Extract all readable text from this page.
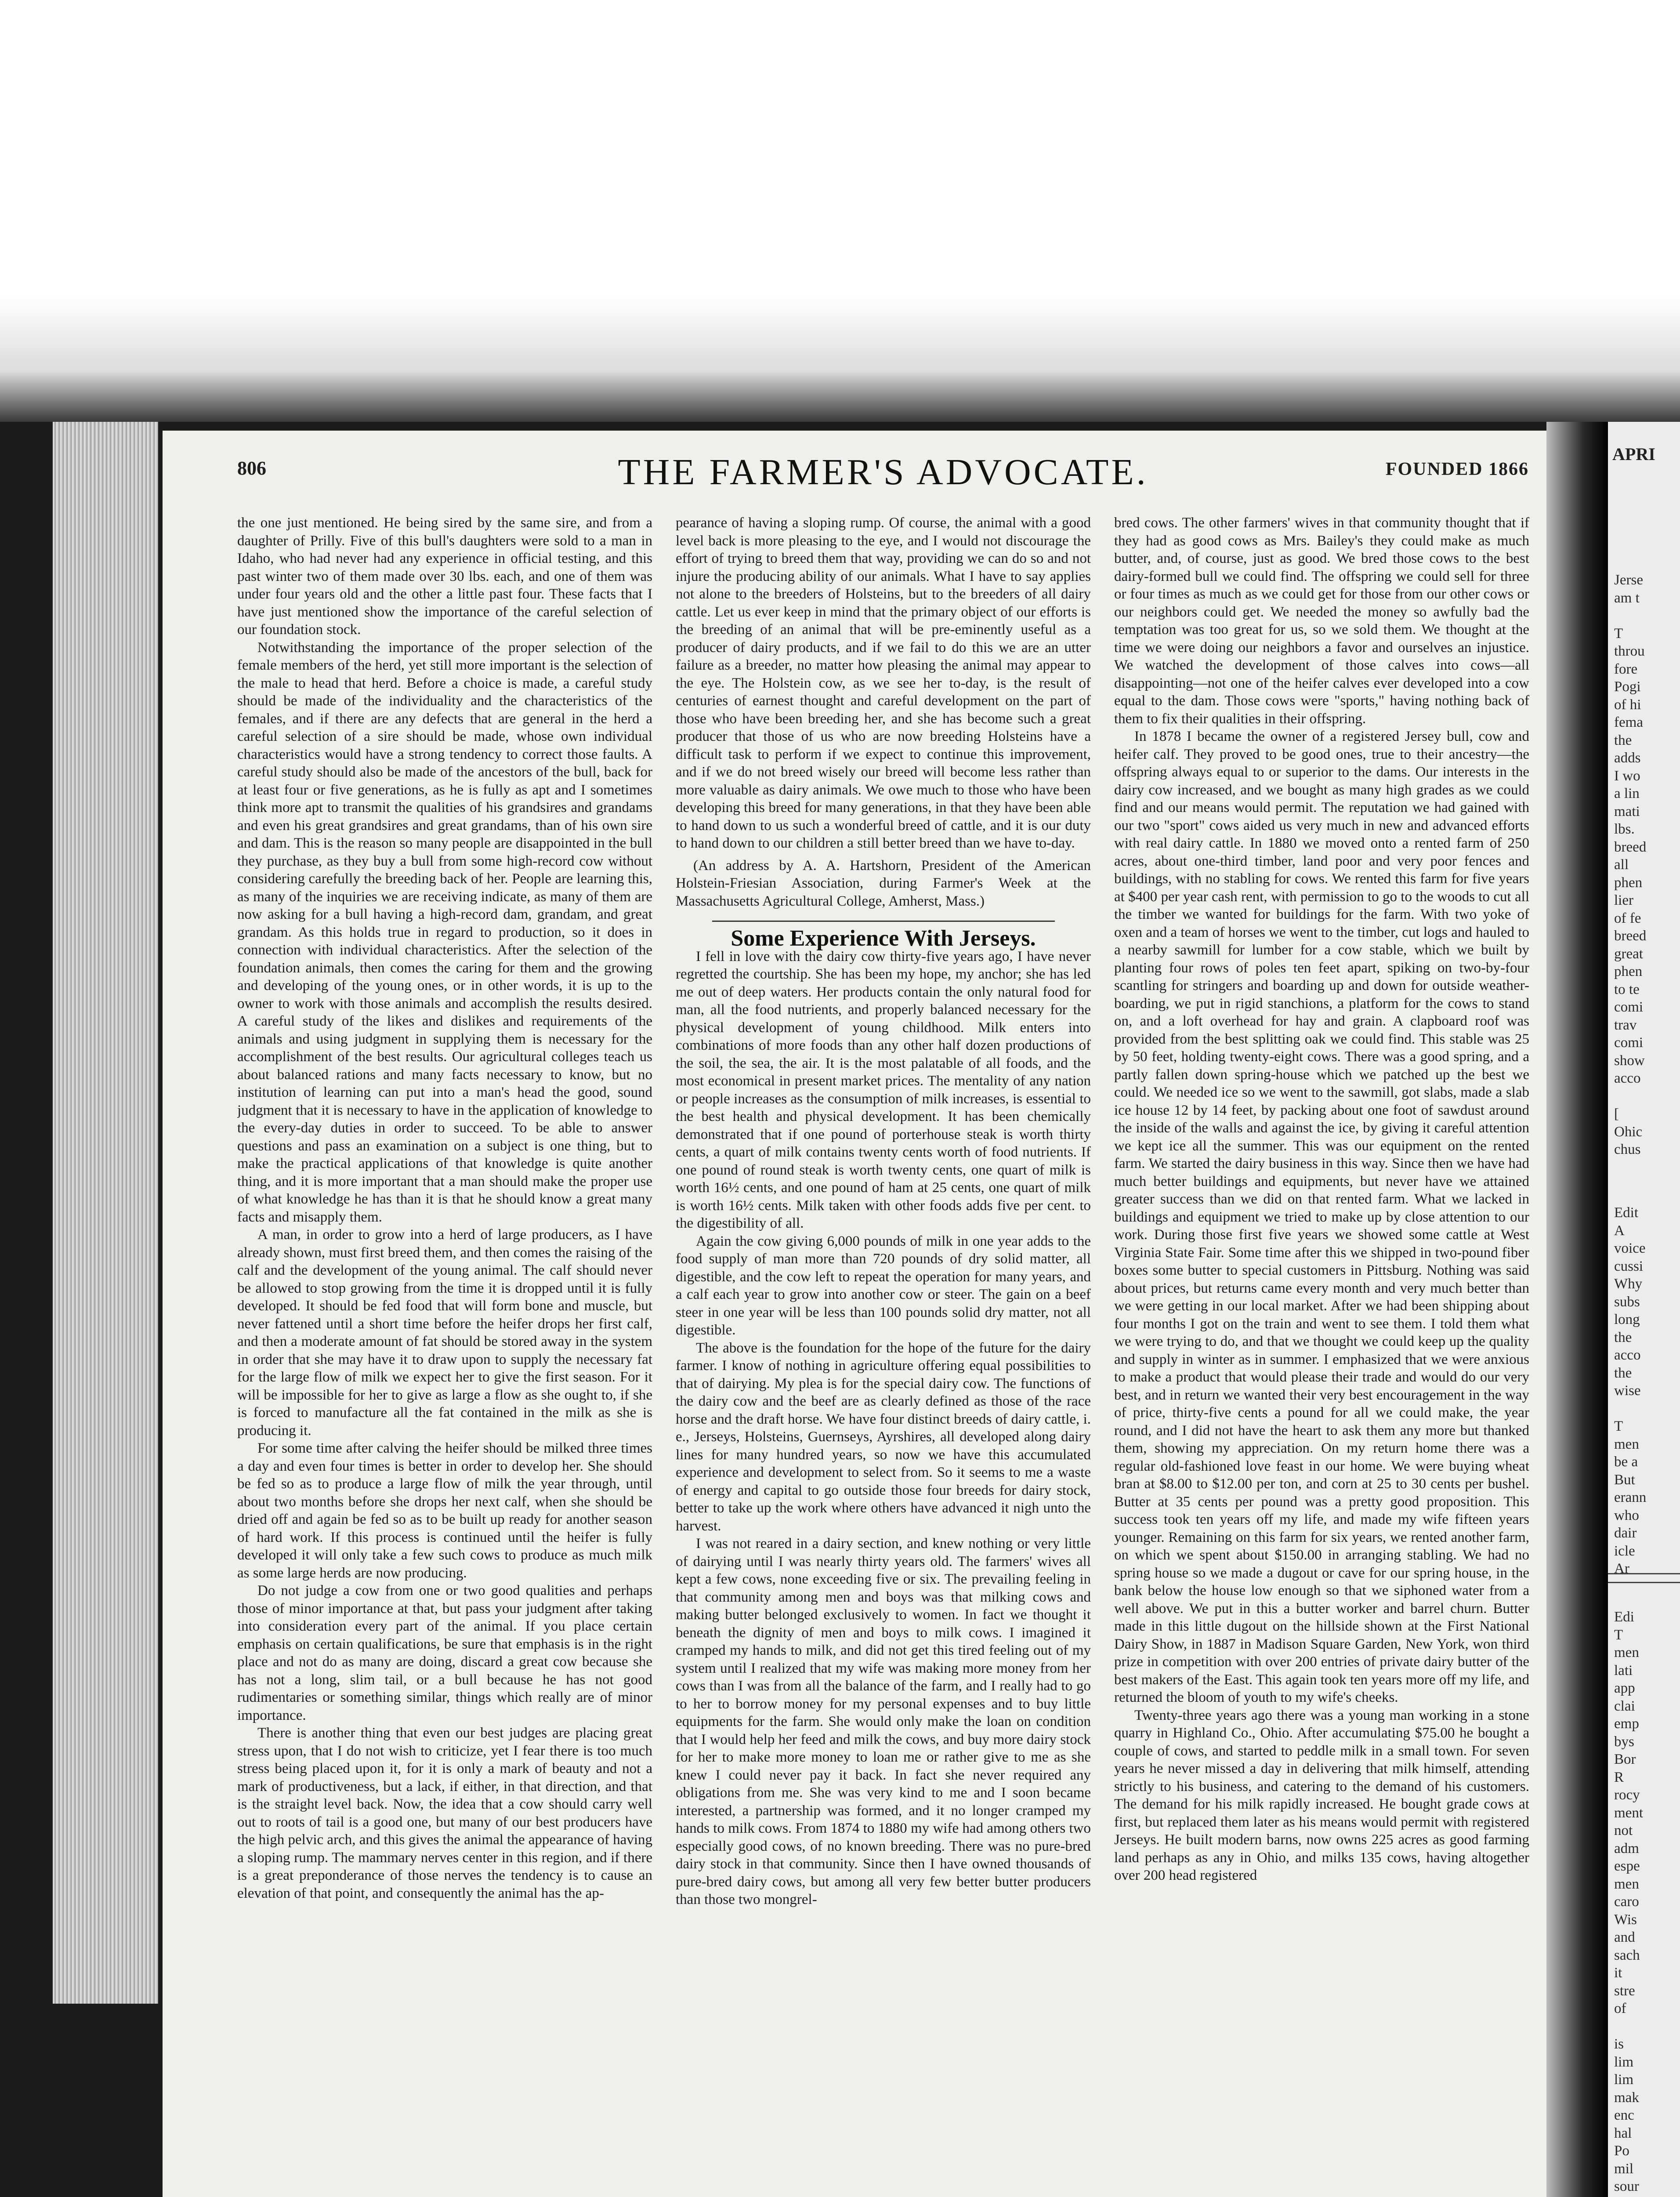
806	THE FARMER'S ADVOCATE.	FOUNDED 1866

the one just mentioned. He being sired by the same sire, and from a daughter of Prilly. Five of this bull's daughters were sold to a man in Idaho, who had never had any experience in official testing, and this past winter two of them made over 30 lbs. each, and one of them was under four years old and the other a little past four. These facts that I have just mentioned show the importance of the careful selection of our foundation stock.

Notwithstanding the importance of the proper selection of the female members of the herd, yet still more important is the selection of the male to head that herd. Before a choice is made, a careful study should be made of the individuality and the characteristics of the females, and if there are any defects that are general in the herd a careful selection of a sire should be made, whose own individual characteristics would have a strong tendency to correct those faults. A careful study should also be made of the ancestors of the bull, back for at least four or five generations, as he is fully as apt and I sometimes think more apt to transmit the qualities of his grandsires and grandams and even his great grandsires and great grandams, than of his own sire and dam. This is the reason so many people are disappointed in the bull they purchase, as they buy a bull from some high-record cow without considering carefully the breeding back of her. People are learning this, as many of the inquiries we are receiving indicate, as many of them are now asking for a bull having a high-record dam, grandam, and great grandam. As this holds true in regard to production, so it does in connection with individual characteristics. After the selection of the foundation animals, then comes the caring for them and the growing and developing of the young ones, or in other words, it is up to the owner to work with those animals and accomplish the results desired. A careful study of the likes and dislikes and requirements of the animals and using judgment in supplying them is necessary for the accomplishment of the best results. Our agricultural colleges teach us about balanced rations and many facts necessary to know, but no institution of learning can put into a man's head the good, sound judgment that it is necessary to have in the application of knowledge to the every-day duties in order to succeed. To be able to answer questions and pass an examination on a subject is one thing, but to make the practical applications of that knowledge is quite another thing, and it is more important that a man should make the proper use of what knowledge he has than it is that he should know a great many facts and misapply them.

A man, in order to grow into a herd of large producers, as I have already shown, must first breed them, and then comes the raising of the calf and the development of the young animal. The calf should never be allowed to stop growing from the time it is dropped until it is fully developed. It should be fed food that will form bone and muscle, but never fattened until a short time before the heifer drops her first calf, and then a moderate amount of fat should be stored away in the system in order that she may have it to draw upon to supply the necessary fat for the large flow of milk we expect her to give the first season. For it will be impossible for her to give as large a flow as she ought to, if she is forced to manufacture all the fat contained in the milk as she is producing it.

For some time after calving the heifer should be milked three times a day and even four times is better in order to develop her. She should be fed so as to produce a large flow of milk the year through, until about two months before she drops her next calf, when she should be dried off and again be fed so as to be built up ready for another season of hard work. If this process is continued until the heifer is fully developed it will only take a few such cows to produce as much milk as some large herds are now producing.

Do not judge a cow from one or two good qualities and perhaps those of minor importance at that, but pass your judgment after taking into consideration every part of the animal. If you place certain emphasis on certain qualifications, be sure that emphasis is in the right place and not do as many are doing, discard a great cow because she has not a long, slim tail, or a bull because he has not good rudimentaries or something similar, things which really are of minor importance.

There is another thing that even our best judges are placing great stress upon, that I do not wish to criticize, yet I fear there is too much stress being placed upon it, for it is only a mark of beauty and not a mark of productiveness, but a lack, if either, in that direction, and that is the straight level back. Now, the idea that a cow should carry well out to roots of tail is a good one, but many of our best producers have the high pelvic arch, and this gives the animal the appearance of having a sloping rump. The mammary nerves center in this region, and if there is a great preponderance of those nerves the tendency is to cause an elevation of that point, and consequently the animal has the ap-

pearance of having a sloping rump. Of course, the animal with a good level back is more pleasing to the eye, and I would not discourage the effort of trying to breed them that way, providing we can do so and not injure the producing ability of our animals. What I have to say applies not alone to the breeders of Holsteins, but to the breeders of all dairy cattle. Let us ever keep in mind that the primary object of our efforts is the breeding of an animal that will be pre-eminently useful as a producer of dairy products, and if we fail to do this we are an utter failure as a breeder, no matter how pleasing the animal may appear to the eye. The Holstein cow, as we see her to-day, is the result of centuries of earnest thought and careful development on the part of those who have been breeding her, and she has become such a great producer that those of us who are now breeding Holsteins have a difficult task to perform if we expect to continue this improvement, and if we do not breed wisely our breed will become less rather than more valuable as dairy animals. We owe much to those who have been developing this breed for many generations, in that they have been able to hand down to us such a wonderful breed of cattle, and it is our duty to hand down to our children a still better breed than we have to-day.

(An address by A. A. Hartshorn, President of the American Holstein-Friesian Association, during Farmer's Week at the Massachusetts Agricultural College, Amherst, Mass.)

Some Experience With Jerseys.

I fell in love with the dairy cow thirty-five years ago, I have never regretted the courtship. She has been my hope, my anchor; she has led me out of deep waters. Her products contain the only natural food for man, all the food nutrients, and properly balanced necessary for the physical development of young childhood. Milk enters into combinations of more foods than any other half dozen productions of the soil, the sea, the air. It is the most palatable of all foods, and the most economical in present market prices. The mentality of any nation or people increases as the consumption of milk increases, is essential to the best health and physical development. It has been chemically demonstrated that if one pound of porterhouse steak is worth thirty cents, a quart of milk contains twenty cents worth of food nutrients. If one pound of round steak is worth twenty cents, one quart of milk is worth 16½ cents, and one pound of ham at 25 cents, one quart of milk is worth 16½ cents. Milk taken with other foods adds five per cent. to the digestibility of all.

Again the cow giving 6,000 pounds of milk in one year adds to the food supply of man more than 720 pounds of dry solid matter, all digestible, and the cow left to repeat the operation for many years, and a calf each year to grow into another cow or steer. The gain on a beef steer in one year will be less than 100 pounds solid dry matter, not all digestible.

The above is the foundation for the hope of the future for the dairy farmer. I know of nothing in agriculture offering equal possibilities to that of dairying. My plea is for the special dairy cow. The functions of the dairy cow and the beef are as clearly defined as those of the race horse and the draft horse. We have four distinct breeds of dairy cattle, i. e., Jerseys, Holsteins, Guernseys, Ayrshires, all developed along dairy lines for many hundred years, so now we have this accumulated experience and development to select from. So it seems to me a waste of energy and capital to go outside those four breeds for dairy stock, better to take up the work where others have advanced it nigh unto the harvest.

I was not reared in a dairy section, and knew nothing or very little of dairying until I was nearly thirty years old. The farmers' wives all kept a few cows, none exceeding five or six. The prevailing feeling in that community among men and boys was that milking cows and making butter belonged exclusively to women. In fact we thought it beneath the dignity of men and boys to milk cows. I imagined it cramped my hands to milk, and did not get this tired feeling out of my system until I realized that my wife was making more money from her cows than I was from all the balance of the farm, and I really had to go to her to borrow money for my personal expenses and to buy little equipments for the farm. She would only make the loan on condition that I would help her feed and milk the cows, and buy more dairy stock for her to make more money to loan me or rather give to me as she knew I could never pay it back. In fact she never required any obligations from me. She was very kind to me and I soon became interested, a partnership was formed, and it no longer cramped my hands to milk cows. From 1874 to 1880 my wife had among others two especially good cows, of no known breeding. There was no pure-bred dairy stock in that community. Since then I have owned thousands of pure-bred dairy cows, but among all very few better butter producers than those two mongrel-

bred cows. The other farmers' wives in that community thought that if they had as good cows as Mrs. Bailey's they could make as much butter, and, of course, just as good. We bred those cows to the best dairy-formed bull we could find. The offspring we could sell for three or four times as much as we could get for those from our other cows or our neighbors could get. We needed the money so awfully bad the temptation was too great for us, so we sold them. We thought at the time we were doing our neighbors a favor and ourselves an injustice. We watched the development of those calves into cows—all disappointing—not one of the heifer calves ever developed into a cow equal to the dam. Those cows were "sports," having nothing back of them to fix their qualities in their offspring.

In 1878 I became the owner of a registered Jersey bull, cow and heifer calf. They proved to be good ones, true to their ancestry—the offspring always equal to or superior to the dams. Our interests in the dairy cow increased, and we bought as many high grades as we could find and our means would permit. The reputation we had gained with our two "sport" cows aided us very much in new and advanced efforts with real dairy cattle. In 1880 we moved onto a rented farm of 250 acres, about one-third timber, land poor and very poor fences and buildings, with no stabling for cows. We rented this farm for five years at $400 per year cash rent, with permission to go to the woods to cut all the timber we wanted for buildings for the farm. With two yoke of oxen and a team of horses we went to the timber, cut logs and hauled to a nearby sawmill for lumber for a cow stable, which we built by planting four rows of poles ten feet apart, spiking on two-by-four scantling for stringers and boarding up and down for outside weather-boarding, we put in rigid stanchions, a platform for the cows to stand on, and a loft overhead for hay and grain. A clapboard roof was provided from the best splitting oak we could find. This stable was 25 by 50 feet, holding twenty-eight cows. There was a good spring, and a partly fallen down spring-house which we patched up the best we could. We needed ice so we went to the sawmill, got slabs, made a slab ice house 12 by 14 feet, by packing about one foot of sawdust around the inside of the walls and against the ice, by giving it careful attention we kept ice all the summer. This was our equipment on the rented farm. We started the dairy business in this way. Since then we have had much better buildings and equipments, but never have we attained greater success than we did on that rented farm. What we lacked in buildings and equipment we tried to make up by close attention to our work. During those first five years we showed some cattle at West Virginia State Fair. Some time after this we shipped in two-pound fiber boxes some butter to special customers in Pittsburg. Nothing was said about prices, but returns came every month and very much better than we were getting in our local market. After we had been shipping about four months I got on the train and went to see them. I told them what we were trying to do, and that we thought we could keep up the quality and supply in winter as in summer. I emphasized that we were anxious to make a product that would please their trade and would do our very best, and in return we wanted their very best encouragement in the way of price, thirty-five cents a pound for all we could make, the year round, and I did not have the heart to ask them any more but thanked them, showing my appreciation. On my return home there was a regular old-fashioned love feast in our home. We were buying wheat bran at $8.00 to $12.00 per ton, and corn at 25 to 30 cents per bushel. Butter at 35 cents per pound was a pretty good proposition. This success took ten years off my life, and made my wife fifteen years younger. Remaining on this farm for six years, we rented another farm, on which we spent about $150.00 in arranging stabling. We had no spring house so we made a dugout or cave for our spring house, in the bank below the house low enough so that we siphoned water from a well above. We put in this a butter worker and barrel churn. Butter made in this little dugout on the hillside shown at the First National Dairy Show, in 1887 in Madison Square Garden, New York, won third prize in competition with over 200 entries of private dairy butter of the best makers of the East. This again took ten years more off my life, and returned the bloom of youth to my wife's cheeks.

Twenty-three years ago there was a young man working in a stone quarry in Highland Co., Ohio. After accumulating $75.00 he bought a couple of cows, and started to peddle milk in a small town. For seven years he never missed a day in delivering that milk himself, attending strictly to his business, and catering to the demand of his customers. The demand for his milk rapidly increased. He bought grade cows at first, but replaced them later as his means would permit with registered Jerseys. He built modern barns, now owns 225 acres as good farming land perhaps as any in Ohio, and milks 135 cows, having altogether over 200 head registered

APRI
Jerse
am t

T
throu
fore
Pogi
of hi
fema
the
adds
I wo
a lin
mati
lbs.
breed
all
phen
lier
of fe
breed
great
phen
to te
comi
trav
comi
show
acco

[
Ohic
chus
Edit
A
voice
cussi
Why
subs
long
the
acco
the
wise

T
men
be a
But
erann
who
dair
icle
Ar
Edi
T
men
lati
app
clai
emp
bys
Bor
R
rocy
ment
not
adm
espe
men
caro
Wis
and
sach
it
stre
of

is
lim
lim
mak
enc
hal
Po
mil
sour
